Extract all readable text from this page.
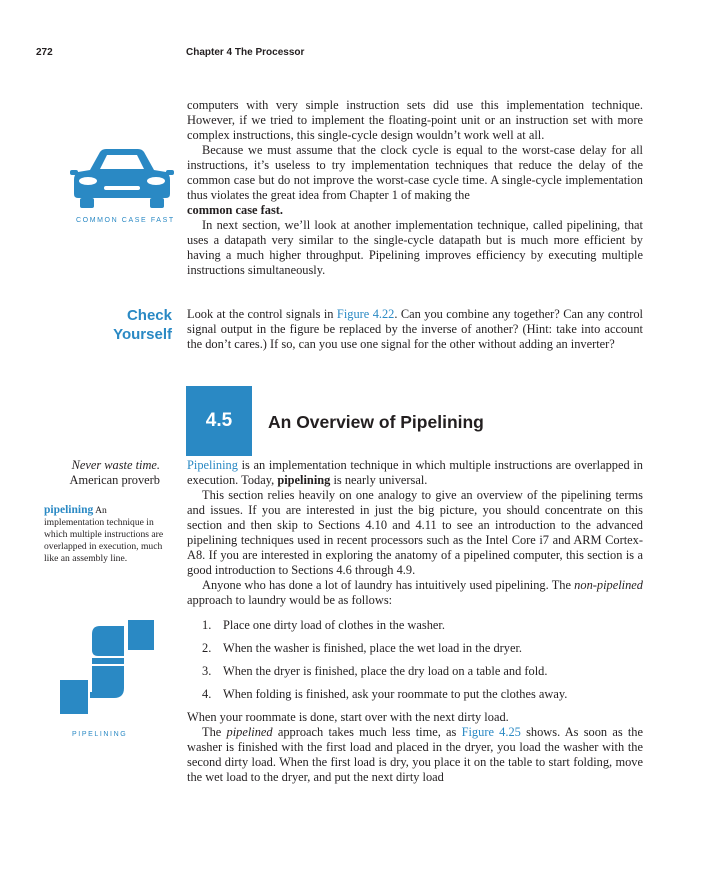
272	Chapter 4 The Processor

computers with very simple instruction sets did use this implementation technique. However, if we tried to implement the floating-point unit or an instruction set with more complex instructions, this single-cycle design wouldn’t work well at all.

Because we must assume that the clock cycle is equal to the worst-case delay for all instructions, it’s useless to try implementation techniques that reduce the delay of the common case but do not improve the worst-case cycle time. A single-cycle implementation thus violates the great idea from Chapter 1 of making the

common case fast.

In next section, we’ll look at another implementation technique, called pipelining, that uses a datapath very similar to the single-cycle datapath but is much more efficient by having a much higher throughput. Pipelining improves efficiency by executing multiple instructions simultaneously.

COMMON CASE FAST
Check
Yourself

Look at the control signals in Figure 4.22. Can you combine any together? Can any control signal output in the figure be replaced by the inverse of another? (Hint: take into account the don’t cares.) If so, can you use one signal for the other without adding an inverter?

4.5	An Overview of Pipelining
Never waste time.
American proverb
pipelining An implementation technique in which multiple instructions are overlapped in execution, much like an assembly line.
PIPELINING

Pipelining is an implementation technique in which multiple instructions are overlapped in execution. Today, pipelining is nearly universal.

This section relies heavily on one analogy to give an overview of the pipelining terms and issues. If you are interested in just the big picture, you should concentrate on this section and then skip to Sections 4.10 and 4.11 to see an introduction to the advanced pipelining techniques used in recent processors such as the Intel Core i7 and ARM Cortex-A8. If you are interested in exploring the anatomy of a pipelined computer, this section is a good introduction to Sections 4.6 through 4.9.

Anyone who has done a lot of laundry has intuitively used pipelining. The non-pipelined approach to laundry would be as follows:

1. Place one dirty load of clothes in the washer.
2. When the washer is finished, place the wet load in the dryer.
3. When the dryer is finished, place the dry load on a table and fold.
4. When folding is finished, ask your roommate to put the clothes away.

When your roommate is done, start over with the next dirty load.

The pipelined approach takes much less time, as Figure 4.25 shows. As soon as the washer is finished with the first load and placed in the dryer, you load the washer with the second dirty load. When the first load is dry, you place it on the table to start folding, move the wet load to the dryer, and put the next dirty load
